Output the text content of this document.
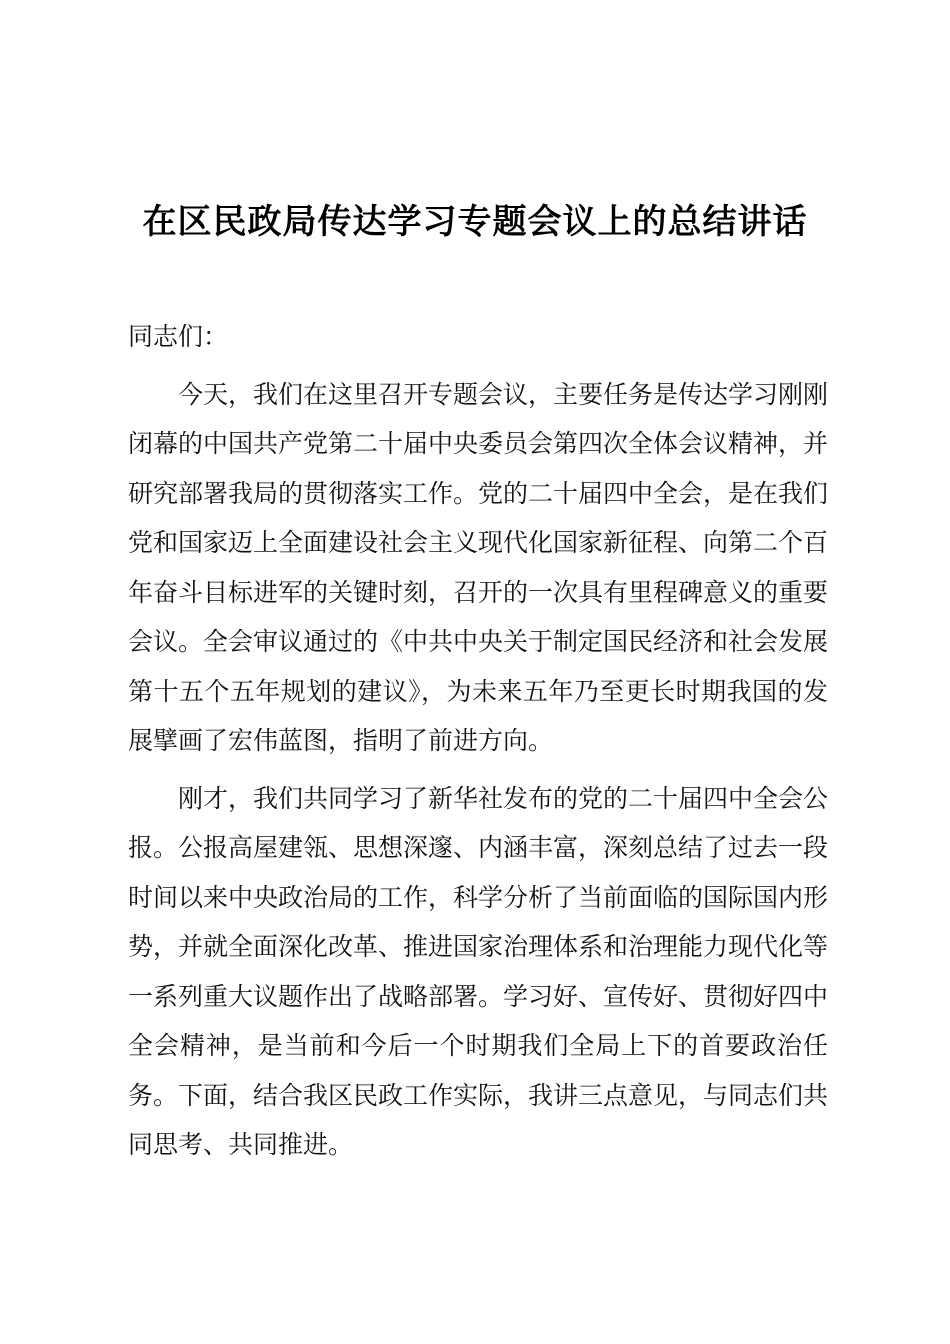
在区民政局传达学习专题会议上的总结讲话

同志们：

今天，我们在这里召开专题会议，主要任务是传达学习刚刚闭幕的中国共产党第二十届中央委员会第四次全体会议精神，并研究部署我局的贯彻落实工作。党的二十届四中全会，是在我们党和国家迈上全面建设社会主义现代化国家新征程、向第二个百年奋斗目标进军的关键时刻，召开的一次具有里程碑意义的重要会议。全会审议通过的《中共中央关于制定国民经济和社会发展第十五个五年规划的建议》，为未来五年乃至更长时期我国的发展擘画了宏伟蓝图，指明了前进方向。

刚才，我们共同学习了新华社发布的党的二十届四中全会公报。公报高屋建瓴、思想深邃、内涵丰富，深刻总结了过去一段时间以来中央政治局的工作，科学分析了当前面临的国际国内形势，并就全面深化改革、推进国家治理体系和治理能力现代化等一系列重大议题作出了战略部署。学习好、宣传好、贯彻好四中全会精神，是当前和今后一个时期我们全局上下的首要政治任务。下面，结合我区民政工作实际，我讲三点意见，与同志们共同思考、共同推进。
